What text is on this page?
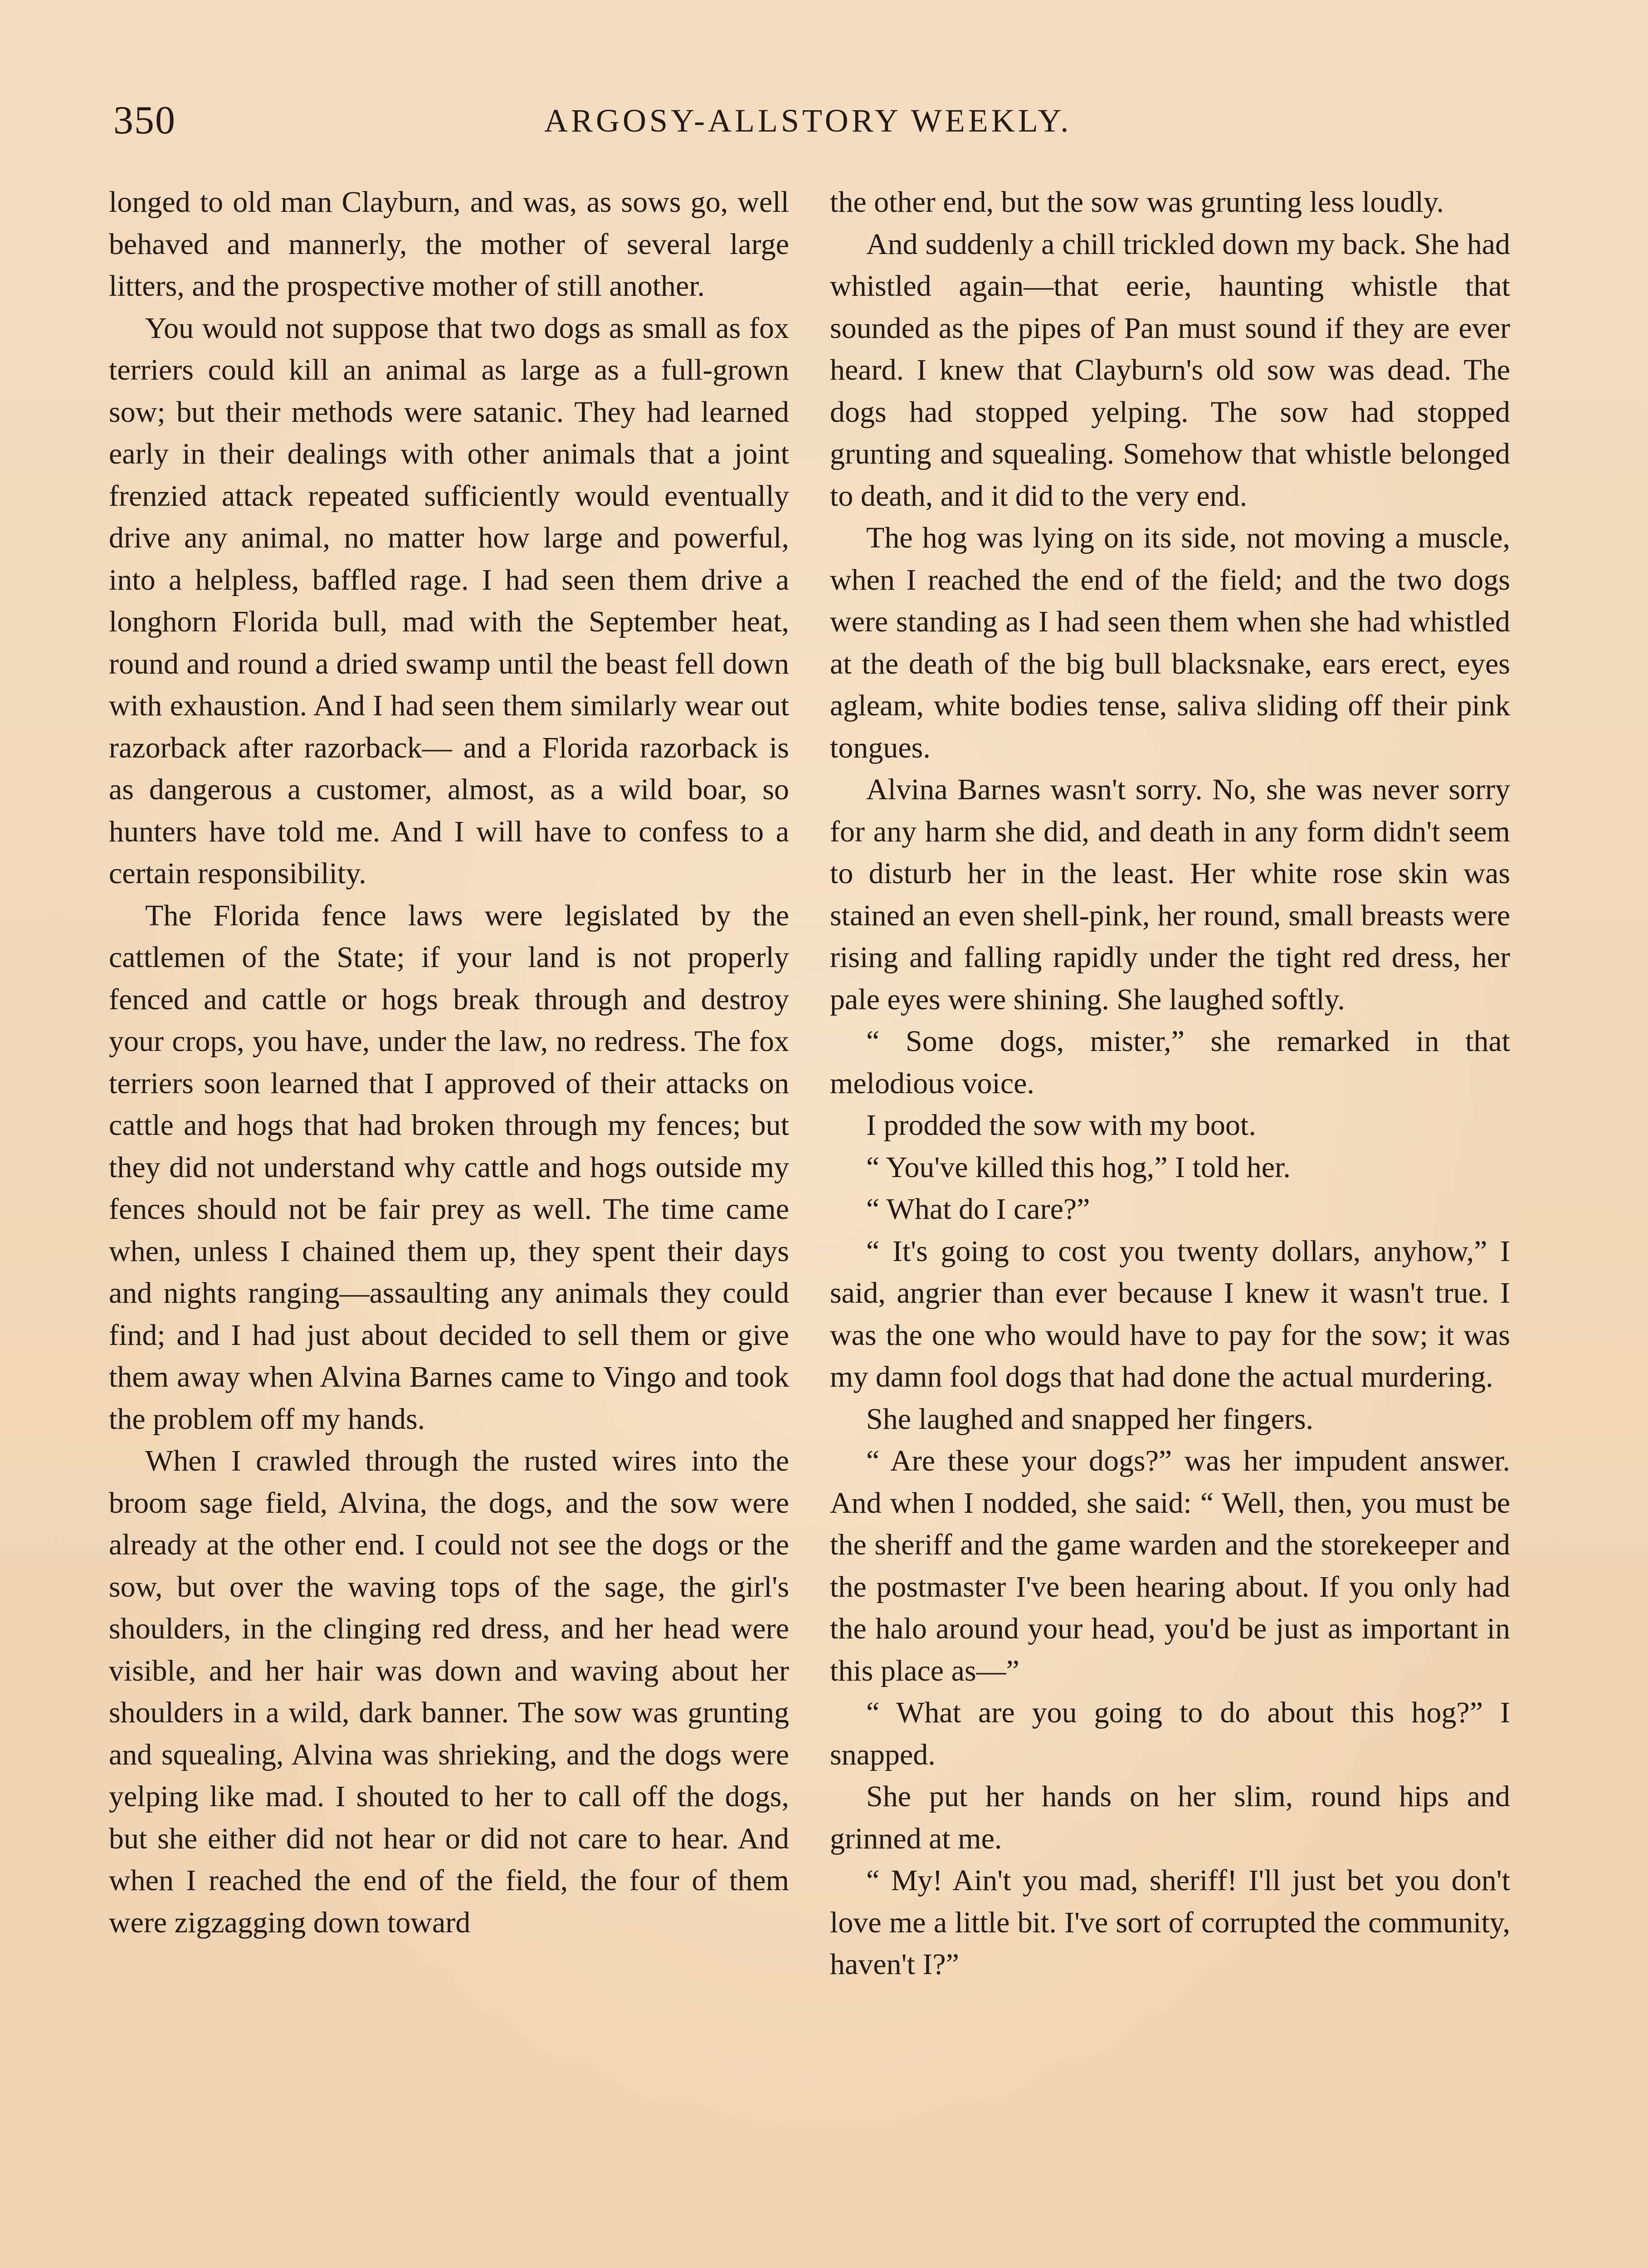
350	ARGOSY-ALLSTORY WEEKLY.

longed to old man Clayburn, and was, as sows go, well behaved and mannerly, the mother of several large litters, and the prospective mother of still another.

You would not suppose that two dogs as small as fox terriers could kill an animal as large as a full-grown sow; but their methods were satanic. They had learned early in their dealings with other animals that a joint frenzied attack repeated sufficiently would eventually drive any animal, no matter how large and powerful, into a helpless, baffled rage. I had seen them drive a longhorn Florida bull, mad with the September heat, round and round a dried swamp until the beast fell down with exhaustion. And I had seen them similarly wear out razorback after razorback— and a Florida razorback is as dangerous a customer, almost, as a wild boar, so hunters have told me. And I will have to confess to a certain responsibility.

The Florida fence laws were legislated by the cattlemen of the State; if your land is not properly fenced and cattle or hogs break through and destroy your crops, you have, under the law, no redress. The fox terriers soon learned that I approved of their attacks on cattle and hogs that had broken through my fences; but they did not understand why cattle and hogs outside my fences should not be fair prey as well. The time came when, unless I chained them up, they spent their days and nights ranging—assaulting any animals they could find; and I had just about decided to sell them or give them away when Alvina Barnes came to Vingo and took the problem off my hands.

When I crawled through the rusted wires into the broom sage field, Alvina, the dogs, and the sow were already at the other end. I could not see the dogs or the sow, but over the waving tops of the sage, the girl's shoulders, in the clinging red dress, and her head were visible, and her hair was down and waving about her shoulders in a wild, dark banner. The sow was grunting and squealing, Alvina was shrieking, and the dogs were yelping like mad. I shouted to her to call off the dogs, but she either did not hear or did not care to hear. And when I reached the end of the field, the four of them were zigzagging down toward

the other end, but the sow was grunting less loudly.

And suddenly a chill trickled down my back. She had whistled again—that eerie, haunting whistle that sounded as the pipes of Pan must sound if they are ever heard. I knew that Clayburn's old sow was dead. The dogs had stopped yelping. The sow had stopped grunting and squealing. Somehow that whistle belonged to death, and it did to the very end.

The hog was lying on its side, not moving a muscle, when I reached the end of the field; and the two dogs were standing as I had seen them when she had whistled at the death of the big bull blacksnake, ears erect, eyes agleam, white bodies tense, saliva sliding off their pink tongues.

Alvina Barnes wasn't sorry. No, she was never sorry for any harm she did, and death in any form didn't seem to disturb her in the least. Her white rose skin was stained an even shell-pink, her round, small breasts were rising and falling rapidly under the tight red dress, her pale eyes were shining. She laughed softly.

“ Some dogs, mister,” she remarked in that melodious voice.

I prodded the sow with my boot.

“ You've killed this hog,” I told her.

“ What do I care?”

“ It's going to cost you twenty dollars, anyhow,” I said, angrier than ever because I knew it wasn't true. I was the one who would have to pay for the sow; it was my damn fool dogs that had done the actual murdering.

She laughed and snapped her fingers.

“ Are these your dogs?” was her impudent answer. And when I nodded, she said: “ Well, then, you must be the sheriff and the game warden and the storekeeper and the postmaster I've been hearing about. If you only had the halo around your head, you'd be just as important in this place as—”

“ What are you going to do about this hog?” I snapped.

She put her hands on her slim, round hips and grinned at me.

“ My! Ain't you mad, sheriff! I'll just bet you don't love me a little bit. I've sort of corrupted the community, haven't I?”
